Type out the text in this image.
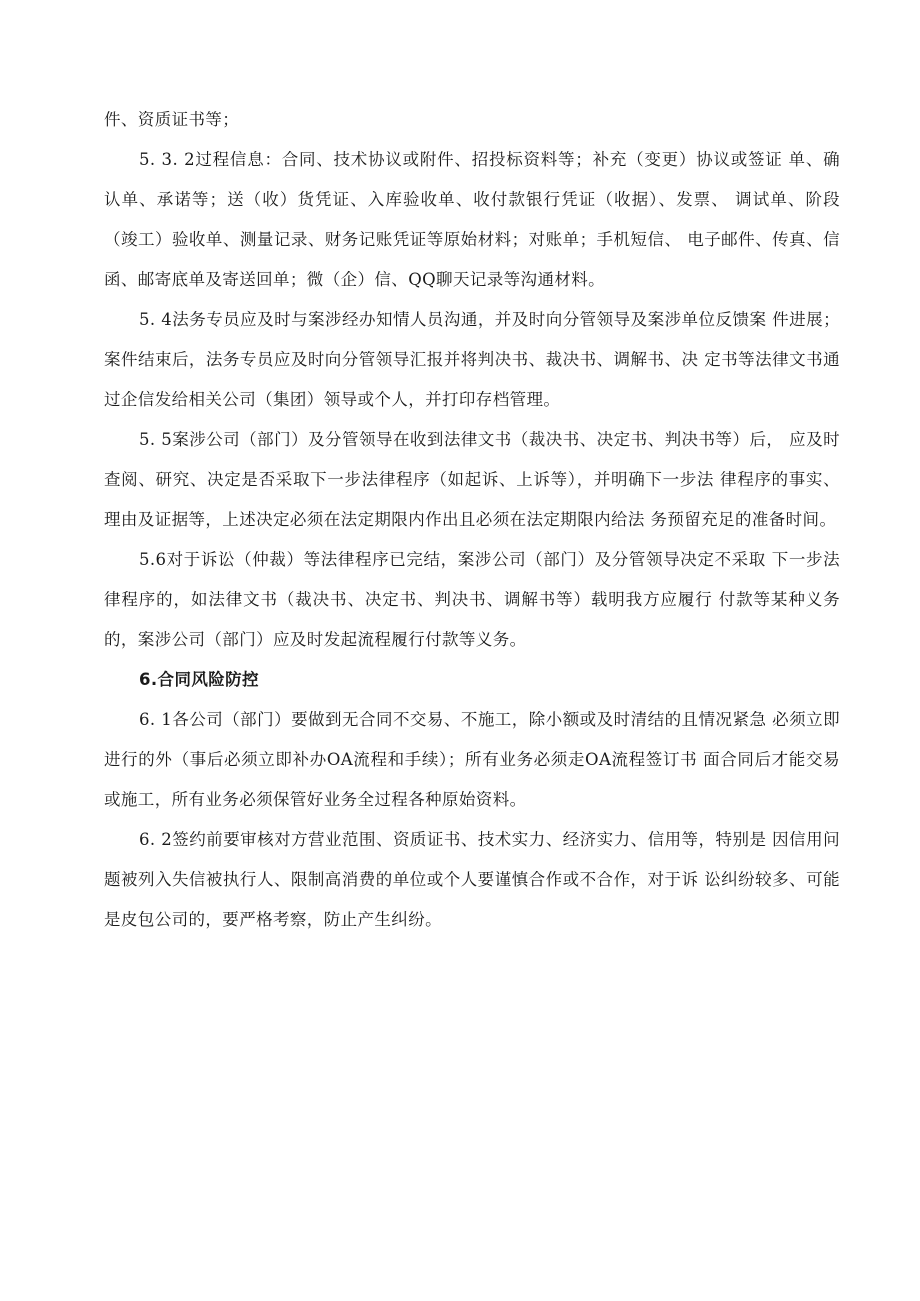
件、资质证书等；

5. 3. 2过程信息：合同、技术协议或附件、招投标资料等；补充（变更）协议或签证 单、确认单、承诺等；送（收）货凭证、入库验收单、收付款银行凭证（收据）、发票、 调试单、阶段（竣工）验收单、测量记录、财务记账凭证等原始材料；对账单；手机短信、 电子邮件、传真、信函、邮寄底单及寄送回单；微（企）信、QQ聊天记录等沟通材料。

5. 4法务专员应及时与案涉经办知情人员沟通，并及时向分管领导及案涉单位反馈案 件进展；案件结束后，法务专员应及时向分管领导汇报并将判决书、裁决书、调解书、决 定书等法律文书通过企信发给相关公司（集团）领导或个人，并打印存档管理。

5. 5案涉公司（部门）及分管领导在收到法律文书（裁决书、决定书、判决书等）后， 应及时查阅、研究、决定是否采取下一步法律程序（如起诉、上诉等），并明确下一步法 律程序的事实、理由及证据等，上述决定必须在法定期限内作出且必须在法定期限内给法 务预留充足的准备时间。

5.6对于诉讼（仲裁）等法律程序已完结，案涉公司（部门）及分管领导决定不采取 下一步法律程序的，如法律文书（裁决书、决定书、判决书、调解书等）载明我方应履行 付款等某种义务的，案涉公司（部门）应及时发起流程履行付款等义务。

6.合同风险防控

6. 1各公司（部门）要做到无合同不交易、不施工，除小额或及时清结的且情况紧急 必须立即进行的外（事后必须立即补办OA流程和手续）；所有业务必须走OA流程签订书 面合同后才能交易或施工，所有业务必须保管好业务全过程各种原始资料。

6. 2签约前要审核对方营业范围、资质证书、技术实力、经济实力、信用等，特别是 因信用问题被列入失信被执行人、限制高消费的单位或个人要谨慎合作或不合作，对于诉 讼纠纷较多、可能是皮包公司的，要严格考察，防止产生纠纷。
